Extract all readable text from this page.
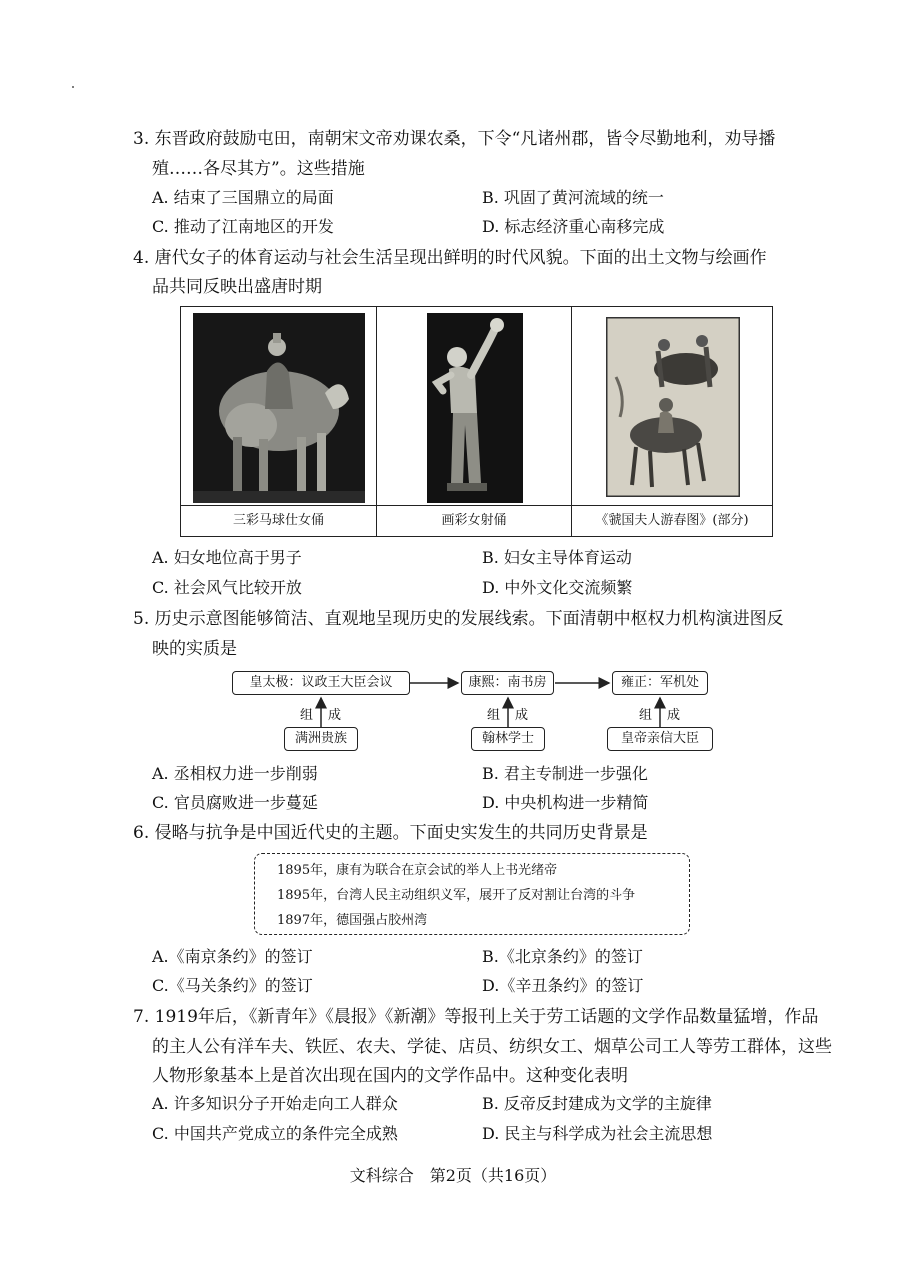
3. 东晋政府鼓励屯田，南朝宋文帝劝课农桑，下令“凡诸州郡，皆令尽勤地利，劝导播
殖……各尽其方”。这些措施
A. 结束了三国鼎立的局面	B. 巩固了黄河流域的统一
C. 推动了江南地区的开发	D. 标志经济重心南移完成
4. 唐代女子的体育运动与社会生活呈现出鲜明的时代风貌。下面的出土文物与绘画作
品共同反映出盛唐时期
三彩马球仕女俑	画彩女射俑	《虢国夫人游春图》(部分)
A. 妇女地位高于男子	B. 妇女主导体育运动
C. 社会风气比较开放	D. 中外文化交流频繁
5. 历史示意图能够简洁、直观地呈现历史的发展线索。下面清朝中枢权力机构演进图反
映的实质是
皇太极：议政王大臣会议	康熙：南书房	雍正：军机处
组 成	组 成	组 成
满洲贵族	翰林学士	皇帝亲信大臣
A. 丞相权力进一步削弱	B. 君主专制进一步强化
C. 官员腐败进一步蔓延	D. 中央机构进一步精简
6. 侵略与抗争是中国近代史的主题。下面史实发生的共同历史背景是
1895年，康有为联合在京会试的举人上书光绪帝
1895年，台湾人民主动组织义军，展开了反对割让台湾的斗争
1897年，德国强占胶州湾
A.《南京条约》的签订	B.《北京条约》的签订
C.《马关条约》的签订	D.《辛丑条约》的签订
7. 1919年后，《新青年》《晨报》《新潮》等报刊上关于劳工话题的文学作品数量猛增，作品
的主人公有洋车夫、铁匠、农夫、学徒、店员、纺织女工、烟草公司工人等劳工群体，这些
人物形象基本上是首次出现在国内的文学作品中。这种变化表明
A. 许多知识分子开始走向工人群众	B. 反帝反封建成为文学的主旋律
C. 中国共产党成立的条件完全成熟	D. 民主与科学成为社会主流思想
文科综合　第2页（共16页）
